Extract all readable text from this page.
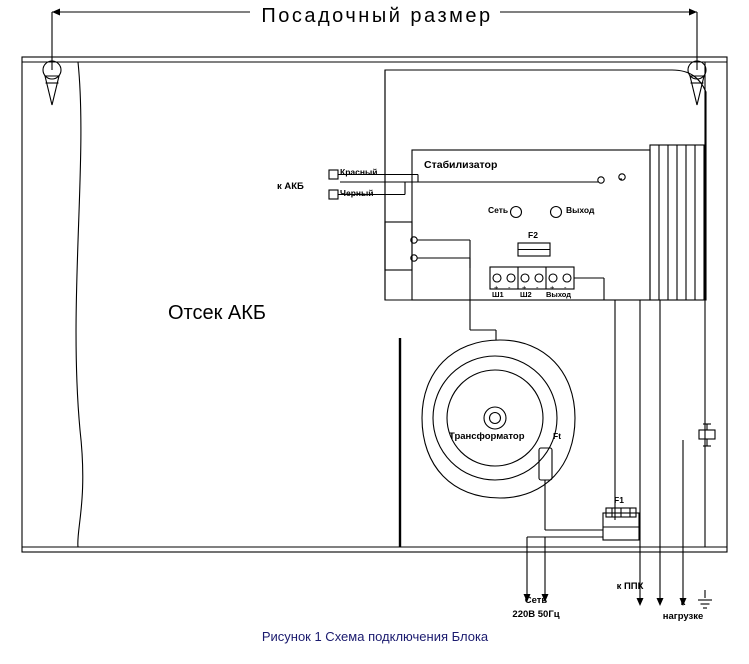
Посадочный размер
Отсек АКБ
к АКБ
Красный
Черный
Стабилизатор
Сеть	Выход
F2
Ш1 Ш2 Выход
+ - + - + -
Трансформатор	Ft
F1
Сеть
220В 50Гц
к ППК
к
нагрузке
Рисунок 1 Схема подключения Блока
